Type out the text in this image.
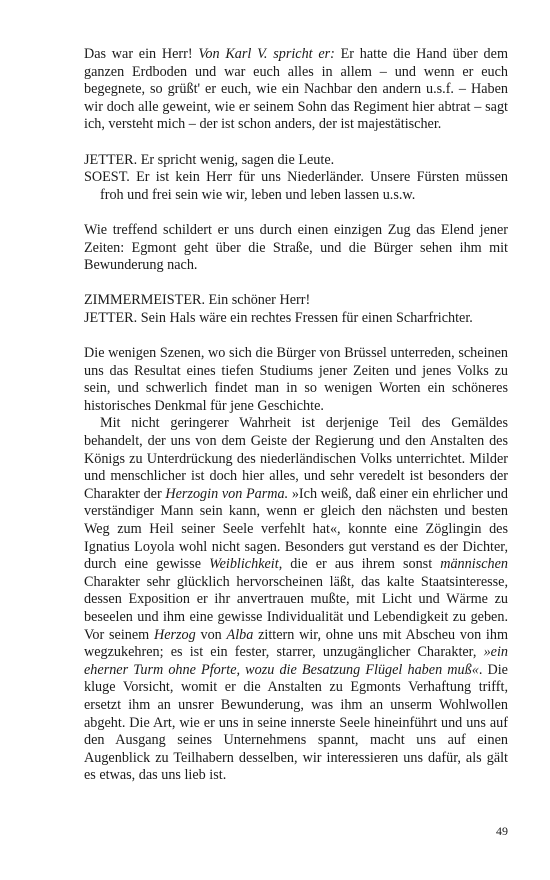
Das war ein Herr! Von Karl V. spricht er: Er hatte die Hand über dem ganzen Erdboden und war euch alles in allem – und wenn er euch begegnete, so grüßt' er euch, wie ein Nachbar den andern u.s.f. – Haben wir doch alle geweint, wie er seinem Sohn das Regiment hier abtrat – sagt ich, versteht mich – der ist schon anders, der ist majestätischer.

JETTER. Er spricht wenig, sagen die Leute.

SOEST. Er ist kein Herr für uns Niederländer. Unsere Fürsten müssen froh und frei sein wie wir, leben und leben lassen u.s.w.

Wie treffend schildert er uns durch einen einzigen Zug das Elend jener Zeiten: Egmont geht über die Straße, und die Bürger sehen ihm mit Bewunderung nach.

ZIMMERMEISTER. Ein schöner Herr!

JETTER. Sein Hals wäre ein rechtes Fressen für einen Scharfrichter.

Die wenigen Szenen, wo sich die Bürger von Brüssel unterreden, scheinen uns das Resultat eines tiefen Studiums jener Zeiten und jenes Volks zu sein, und schwerlich findet man in so wenigen Worten ein schöneres historisches Denkmal für jene Geschichte.

Mit nicht geringerer Wahrheit ist derjenige Teil des Gemäldes behandelt, der uns von dem Geiste der Regierung und den Anstalten des Königs zu Unterdrückung des niederländischen Volks unterrichtet. Milder und menschlicher ist doch hier alles, und sehr veredelt ist besonders der Charakter der Herzogin von Parma. »Ich weiß, daß einer ein ehrlicher und verständiger Mann sein kann, wenn er gleich den nächsten und besten Weg zum Heil seiner Seele verfehlt hat«, konnte eine Zöglingin des Ignatius Loyola wohl nicht sagen. Besonders gut verstand es der Dichter, durch eine gewisse Weiblichkeit, die er aus ihrem sonst männischen Charakter sehr glücklich hervorscheinen läßt, das kalte Staatsinteresse, dessen Exposition er ihr anvertrauen mußte, mit Licht und Wärme zu beseelen und ihm eine gewisse Individualität und Lebendigkeit zu geben. Vor seinem Herzog von Alba zittern wir, ohne uns mit Abscheu von ihm wegzukehren; es ist ein fester, starrer, unzugänglicher Charakter, »ein eherner Turm ohne Pforte, wozu die Besatzung Flügel haben muß«. Die kluge Vorsicht, womit er die Anstalten zu Egmonts Verhaftung trifft, ersetzt ihm an unsrer Bewunderung, was ihm an unserm Wohlwollen abgeht. Die Art, wie er uns in seine innerste Seele hineinführt und uns auf den Ausgang seines Unternehmens spannt, macht uns auf einen Augenblick zu Teilhabern desselben, wir interessieren uns dafür, als gält es etwas, das uns lieb ist.

49
